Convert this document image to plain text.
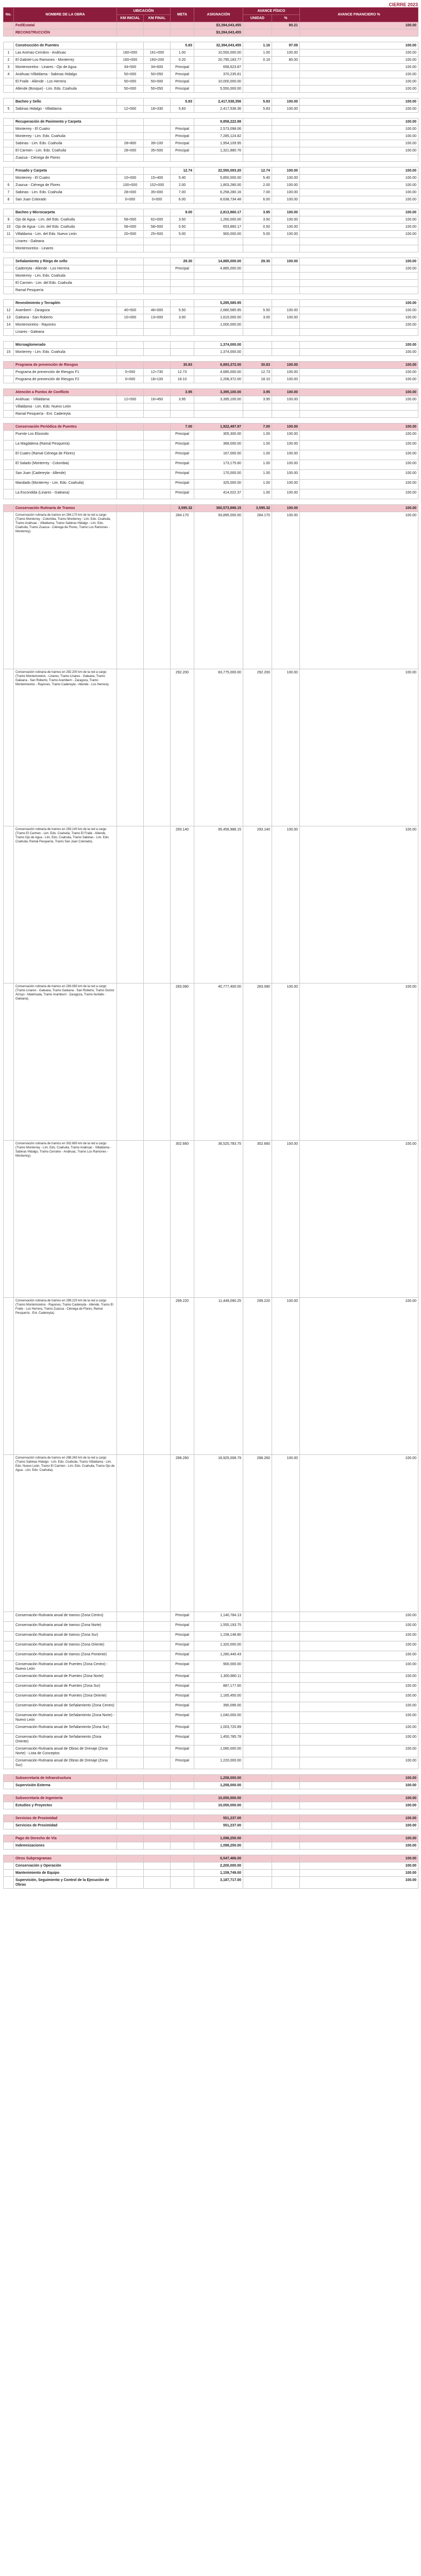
CIERRE 2023
No.	NOMBRE DE LA OBRA	UBICACIÓN		META	ASIGNACIÓN	AVANCE FÍSICO		AVANCE FINANCIERO %
		KM INICIAL	KM FINAL			UNIDAD	%	
	Fed/Estatal				$3,394,043,455		80.21	100.00
	RECONSTRUCCIÓN				$3,394,043,455			

	Construcción de Puentes			5.83	32,394,043,455	1.16	97.09	100.00
1	Las Animas-Cerralvo - Anáhuac	160+000	161+000	1.00	10,550,000.00	1.00	100.00	100.00
2	El Gabriel-Los Ramones - Monterrey	160+000	160+200	0.20	20,795,183.77	0.16	80.00	100.00
3	Montemorelos - Linares - Ojo de Agua	34+500	34+600	Principal	658,623.87			100.00
4	Anáhuac-Villaldama - Sabinas Hidalgo	50+000	50+050	Principal	370,235.81			100.00
	El Fraile - Allende - Los Herrera	50+000	50+000	Principal	10,000,000.00			100.00
	Allende (Bosque) - Lim. Edo. Coahuila	50+000	50+050	Principal	5,550,000.00			100.00

	Bacheo y Sello			5.83	2,417,538,356	5.83	100.00	100.00
5	Sabinas Hidalgo - Villaldama	12+500	18+330	5.83	2,417,538.36	5.83	100.00	100.00

	Recuperación de Pavimento y Carpeta				9,858,222.88			100.00
	Monterrey - El Cuatro			Principal	2,573,098.06			100.00
	Monterrey - Lim. Edo. Coahuila			Principal	7,285,124.82			100.00
	Sabinas - Lim. Edo. Coahuila	28+800	39+100	Principal	1,954,109.95			100.00
	El Carmen - Lim. Edo. Coahuila	28+000	35+500	Principal	1,321,880.76			100.00
	Zuazua - Ciénega de Flores							

	Fresado y Carpeta			12.74	22,550,093.20	12.74	100.00	100.00
	Monterrey - El Cuatro	10+000	15+400	5.40	5,850,000.00	5.40	100.00	100.00
6	Zuazua - Ciénega de Flores	100+000	102+000	2.00	1,803,280.00	2.00	100.00	100.00
7	Sabinas - Lim. Edo. Coahuila	28+000	35+000	7.00	6,258,280.16	7.00	100.00	100.00
8	San Juan Colorado	0+000	0+000	6.00	8,638,734.48	6.00	100.00	100.00

	Bacheo y Microcarpeta			9.00	2,813,860.17	3.95	100.00	100.00
9	Ojo de Agua - Lim. del Edo. Coahuila	58+500	62+000	3.50	1,260,000.00	3.50	100.00	100.00
10	Ojo de Agua - Lim. del Edo. Coahuila	58+000	58+500	0.50	653,860.17	0.50	100.00	100.00
11	Villaldama - Lim. del Edo. Nuevo León	20+500	25+500	5.00	900,000.00	5.00	100.00	100.00
	Linares - Galeana							
	Montemorelos - Linares							

	Señalamiento y Riego de sello			29.30	14,885,000.00	29.30	100.00	100.00
	Cadereyta - Allende - Los Herrera			Principal	4,885,000.00			100.00
	Monterrey - Lim. Edo. Coahuila							
	El Carmen - Lim. del Edo. Coahuila							
	Ramal Pesquería							

	Revestimiento y Terraplén				5,295,585.95			100.00
12	Aramberri - Zaragoza	40+500	46+000	5.50	2,680,585.95	5.50	100.00	100.00
13	Galeana - San Roberto	10+000	13+000	3.00	1,615,000.00	3.00	100.00	100.00
14	Montemorelos - Rayones				1,000,000.00			100.00
	Linares - Galeana							

	Microaglomerado				1,374,000.00			100.00
15	Monterrey - Lim. Edo. Coahuila				1,374,000.00			100.00

	Programa de prevención de Riesgos			30.83	6,893,372.00	30.83	100.00	100.00
	Programa de prevención de Riesgos F1	0+000	12+730	12.73	4,685,000.00	12.73	100.00	100.00
	Programa de prevención de Riesgos F2	0+000	18+100	18.10	2,208,372.00	18.10	100.00	100.00

	Atención a Puntos de Conflicto			3.95	3,395,100.00	3.95	100.00	100.00
	Anáhuac - Villaldama	12+500	16+450	3.95	3,395,100.00	3.95	100.00	100.00
	Villaldama - Lim. Edo. Nuevo León							
	Ramal Pesquería - Ent. Cadereyta							

	Conservación Periódica de Puentes			7.00	1,922,497.97	7.00	100.00	100.00
	Puente Los Elizondo			Principal	305,300.00	1.00	100.00	100.00
	La Magdalena (Ramal Pesquería)			Principal	368,000.00	1.00	100.00	100.00
	El Cuatro (Ramal Ciénega de Flores)			Principal	167,000.00	1.00	100.00	100.00
	El Salado (Monterrey - Colombia)			Principal	173,175.60	1.00	100.00	100.00
	San Juan (Cadereyta - Allende)			Principal	170,000.00	1.00	100.00	100.00
	Mandado (Monterrey - Lim. Edo. Coahuila)			Principal	325,000.00	1.00	100.00	100.00
	La Escondida (Linares - Galeana)			Principal	414,022.37	1.00	100.00	100.00

	Conservación Rutinaria de Tramos			3,595.32	360,573,898.15	3,595.32	100.00	100.00
	Conservación rutinaria de tramos en 284.170 km de la red a cargo (Tramo Monterrey - Colombia, Tramo Monterrey - Lim. Edo. Coahuila, Tramo Anáhuac - Villaldama, Tramo Sabinas Hidalgo - Lim. Edo. Coahuila, Tramo Zuazua - Ciénega de Flores, Tramo Los Ramones - Monterrey).			284.170	93,895,000.00	284.170	100.00	100.00
	Conservación rutinaria de tramos en 292.200 km de la red a cargo (Tramo Montemorelos - Linares, Tramo Linares - Galeana, Tramo Galeana - San Roberto, Tramo Aramberri - Zaragoza, Tramo Montemorelos - Rayones, Tramo Cadereyta - Allende - Los Herrera).			292.200	83,775,000.00	292.200	100.00	100.00
	Conservación rutinaria de tramos en 293.140 km de la red a cargo (Tramo El Carmen - Lim. Edo. Coahuila, Tramo El Fraile - Allende, Tramo Ojo de Agua - Lim. Edo. Coahuila, Tramo Sabinas - Lim. Edo. Coahuila, Ramal Pesquería, Tramo San Juan Colorado).			293.140	95,456,988.15	293.140	100.00	100.00
	Conservación rutinaria de tramos en 283.080 km de la red a cargo (Tramo Linares - Galeana, Tramo Galeana - San Roberto, Tramo Doctor Arroyo - Matehuala, Tramo Aramberri - Zaragoza, Tramo Iturbide - Galeana).			283.080	40,777,400.00	283.080	100.00	100.00
	Conservación rutinaria de tramos en 302.660 km de la red a cargo (Tramo Monterrey - Lim. Edo. Coahuila, Tramo Anáhuac - Villaldama - Sabinas Hidalgo, Tramo Cerralvo - Anáhuac, Tramo Los Ramones - Monterrey).			302.660	36,520,783.75	302.660	100.00	100.00
	Conservación rutinaria de tramos en 299.220 km de la red a cargo (Tramo Montemorelos - Rayones, Tramo Cadereyta - Allende, Tramo El Fraile - Los Herrera, Tramo Zuazua - Ciénega de Flores, Ramal Pesquería - Ent. Cadereyta).			299.220	11,449,090.25	299.220	100.00	100.00
	Conservación rutinaria de tramos en 288.260 km de la red a cargo (Tramo Sabinas Hidalgo - Lim. Edo. Coahuila, Tramo Villaldama - Lim. Edo. Nuevo León, Tramo El Carmen - Lim. Edo. Coahuila, Tramo Ojo de Agua - Lim. Edo. Coahuila).			288.260	18,925,008.79	288.260	100.00	100.00
	Conservación Rutinaria anual de tramos (Zona Centro)			Principal	1,140,784.13			100.00
	Conservación Rutinaria anual de tramos (Zona Norte)			Principal	1,555,193.75			100.00
	Conservación Rutinaria anual de tramos (Zona Sur)			Principal	1,158,148.80			100.00
	Conservación Rutinaria anual de tramos (Zona Oriente)			Principal	1,320,000.00			100.00
	Conservación Rutinaria anual de tramos (Zona Poniente)			Principal	1,280,440.43			100.00
	Conservación Rutinaria anual de Puentes (Zona Centro) - Nuevo León			Principal	900,000.00			100.00
	Conservación Rutinaria anual de Puentes (Zona Norte)			Principal	1,300,880.11			100.00
	Conservación Rutinaria anual de Puentes (Zona Sur)			Principal	887,177.60			100.00
	Conservación Rutinaria anual de Puentes (Zona Oriente)			Principal	1,165,450.00			100.00
	Conservación Rutinaria anual de Señalamiento (Zona Centro)			Principal	390,096.00			100.00
	Conservación Rutinaria anual de Señalamiento (Zona Norte) - Nuevo León			Principal	1,040,000.00			100.00
	Conservación Rutinaria anual de Señalamiento (Zona Sur)			Principal	1,003,720.89			100.00
	Conservación Rutinaria anual de Señalamiento (Zona Oriente)			Principal	1,450,785.78			100.00
	Conservación Rutinaria anual de Obras de Drenaje (Zona Norte) - Lista de Conceptos			Principal	1,080,000.00			100.00
	Conservación Rutinaria anual de Obras de Drenaje (Zona Sur)			Principal	1,220,000.00			100.00

	Subsecretaría de Infraestructura				1,258,000.00			100.00
	Supervisión Externa				1,258,000.00			100.00

	Subsecretaría de Ingeniería				10,050,000.00			100.00
	Estudios y Proyectos				10,050,000.00			100.00

	Servicios de Proximidad				551,237.00			100.00
	Servicios de Proximidad				551,237.00			100.00

	Pago de Derecho de Vía				1,098,250.00			100.00
	Indemnizaciones				1,098,250.00			100.00

	Otros Subprogramas				6,547,466.00			100.00
	Conservación y Operación				2,200,000.00			100.00
	Mantenimiento de Equipo				1,159,749.00			100.00
	Supervisión, Seguimiento y Control de la Ejecución de Obras				3,187,717.00			100.00
